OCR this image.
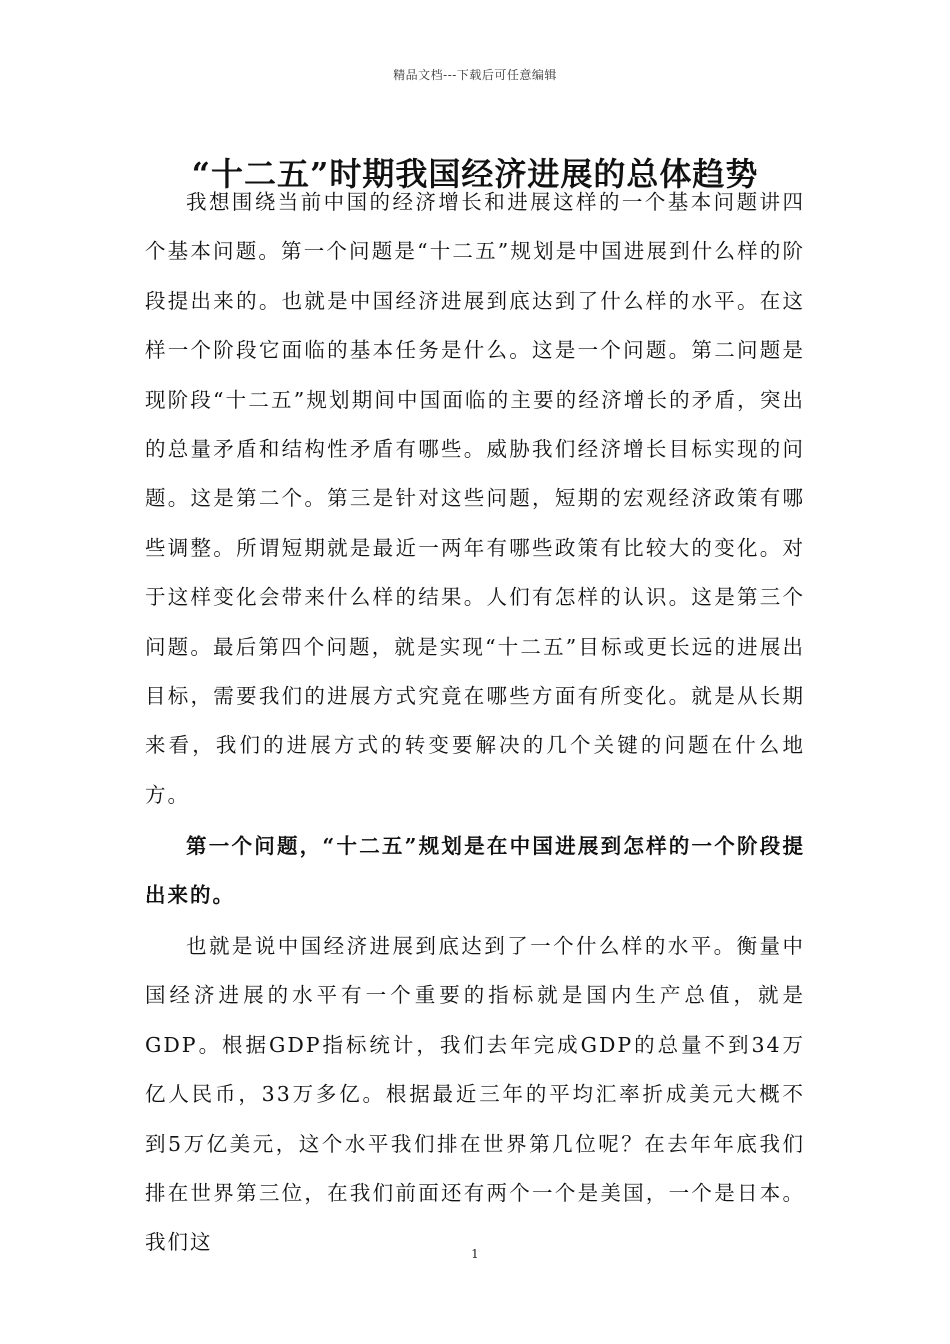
精品文档---下载后可任意编辑
“十二五”时期我国经济进展的总体趋势

我想围绕当前中国的经济增长和进展这样的一个基本问题讲四个基本问题。第一个问题是“十二五”规划是中国进展到什么样的阶段提出来的。也就是中国经济进展到底达到了什么样的水平。在这样一个阶段它面临的基本任务是什么。这是一个问题。第二问题是现阶段“十二五”规划期间中国面临的主要的经济增长的矛盾，突出的总量矛盾和结构性矛盾有哪些。威胁我们经济增长目标实现的问题。这是第二个。第三是针对这些问题，短期的宏观经济政策有哪些调整。所谓短期就是最近一两年有哪些政策有比较大的变化。对于这样变化会带来什么样的结果。人们有怎样的认识。这是第三个问题。最后第四个问题，就是实现“十二五”目标或更长远的进展出目标，需要我们的进展方式究竟在哪些方面有所变化。就是从长期来看，我们的进展方式的转变要解决的几个关键的问题在什么地方。

第一个问题，“十二五”规划是在中国进展到怎样的一个阶段提出来的。

也就是说中国经济进展到底达到了一个什么样的水平。衡量中国经济进展的水平有一个重要的指标就是国内生产总值，就是GDP。根据GDP指标统计，我们去年完成GDP的总量不到34万亿人民币，33万多亿。根据最近三年的平均汇率折成美元大概不到5万亿美元，这个水平我们排在世界第几位呢？在去年年底我们排在世界第三位，在我们前面还有两个一个是美国，一个是日本。我们这	1
